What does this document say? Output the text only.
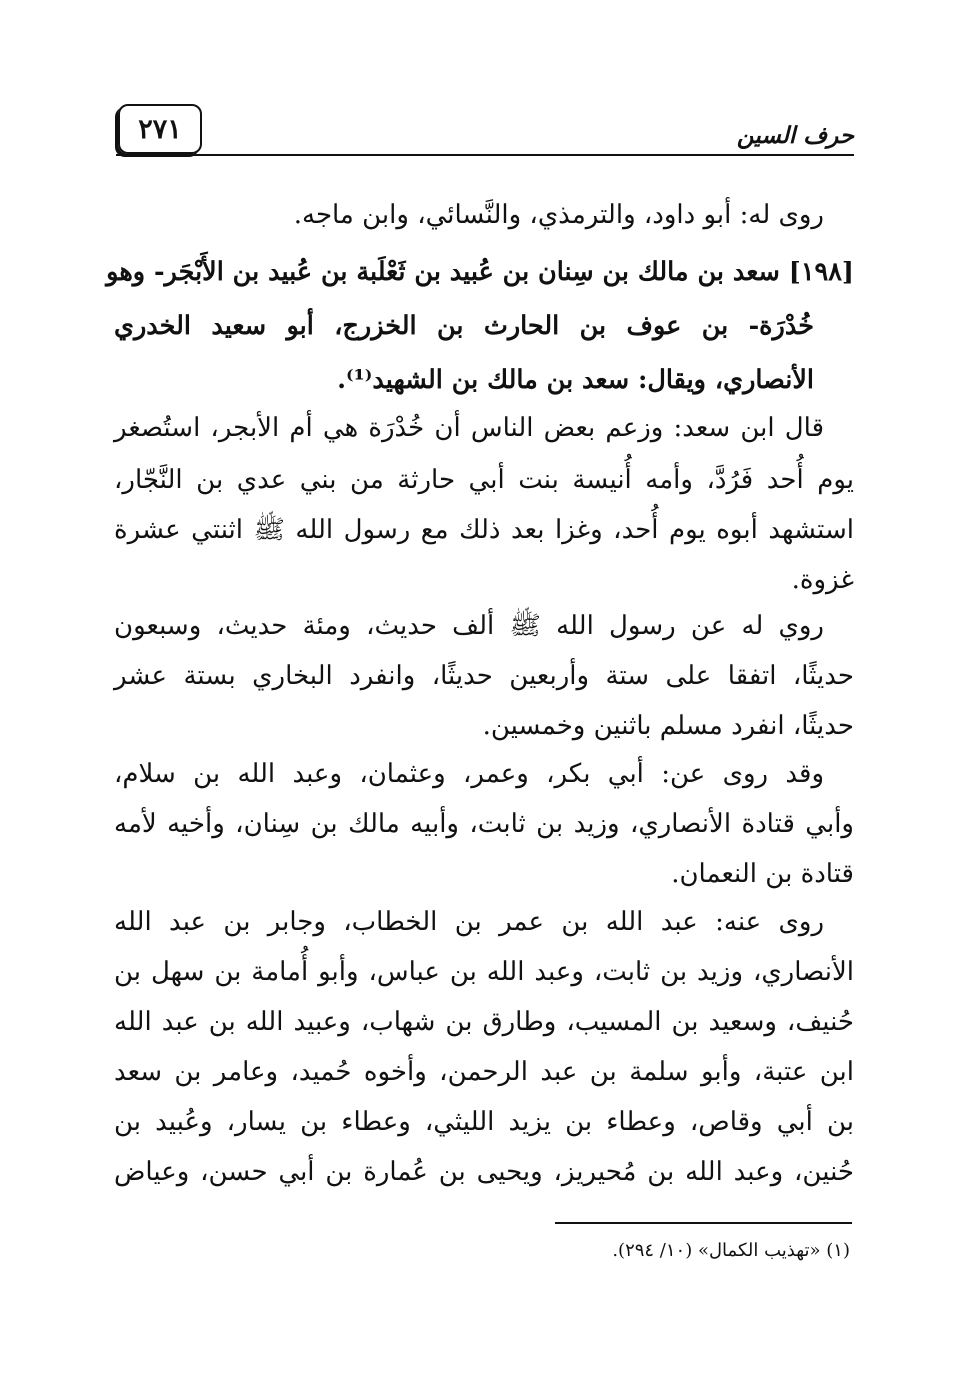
٢٧١	حرف السين
روى له: أبو داود، والترمذي، والنَّسائي، وابن ماجه.
[١٩٨] سعد بن مالك بن سِنان بن عُبيد بن ثَعْلَبة بن عُبيد بن الأَبْجَر- وهو
خُدْرَة- بن عوف بن الحارث بن الخزرج، أبو سعيد الخدري
الأنصاري، ويقال: سعد بن مالك بن الشهيد⁽¹⁾.
قال ابن سعد: وزعم بعض الناس أن خُدْرَة هي أم الأبجر، استُصغر
يوم أُحد فَرُدَّ، وأمه أُنيسة بنت أبي حارثة من بني عدي بن النَّجّار،
استشهد أبوه يوم أُحد، وغزا بعد ذلك مع رسول الله ﷺ اثنتي عشرة
غزوة.
روي له عن رسول الله ﷺ ألف حديث، ومئة حديث، وسبعون
حديثًا، اتفقا على ستة وأربعين حديثًا، وانفرد البخاري بستة عشر
حديثًا، انفرد مسلم باثنين وخمسين.
وقد روى عن: أبي بكر، وعمر، وعثمان، وعبد الله بن سلام،
وأبي قتادة الأنصاري، وزيد بن ثابت، وأبيه مالك بن سِنان، وأخيه لأمه
قتادة بن النعمان.
روى عنه: عبد الله بن عمر بن الخطاب، وجابر بن عبد الله
الأنصاري، وزيد بن ثابت، وعبد الله بن عباس، وأبو أُمامة بن سهل بن
حُنيف، وسعيد بن المسيب، وطارق بن شهاب، وعبيد الله بن عبد الله
ابن عتبة، وأبو سلمة بن عبد الرحمن، وأخوه حُميد، وعامر بن سعد
بن أبي وقاص، وعطاء بن يزيد الليثي، وعطاء بن يسار، وعُبيد بن
حُنين، وعبد الله بن مُحيريز، ويحيى بن عُمارة بن أبي حسن، وعياض
(١) «تهذيب الكمال» (١٠/ ٢٩٤).
